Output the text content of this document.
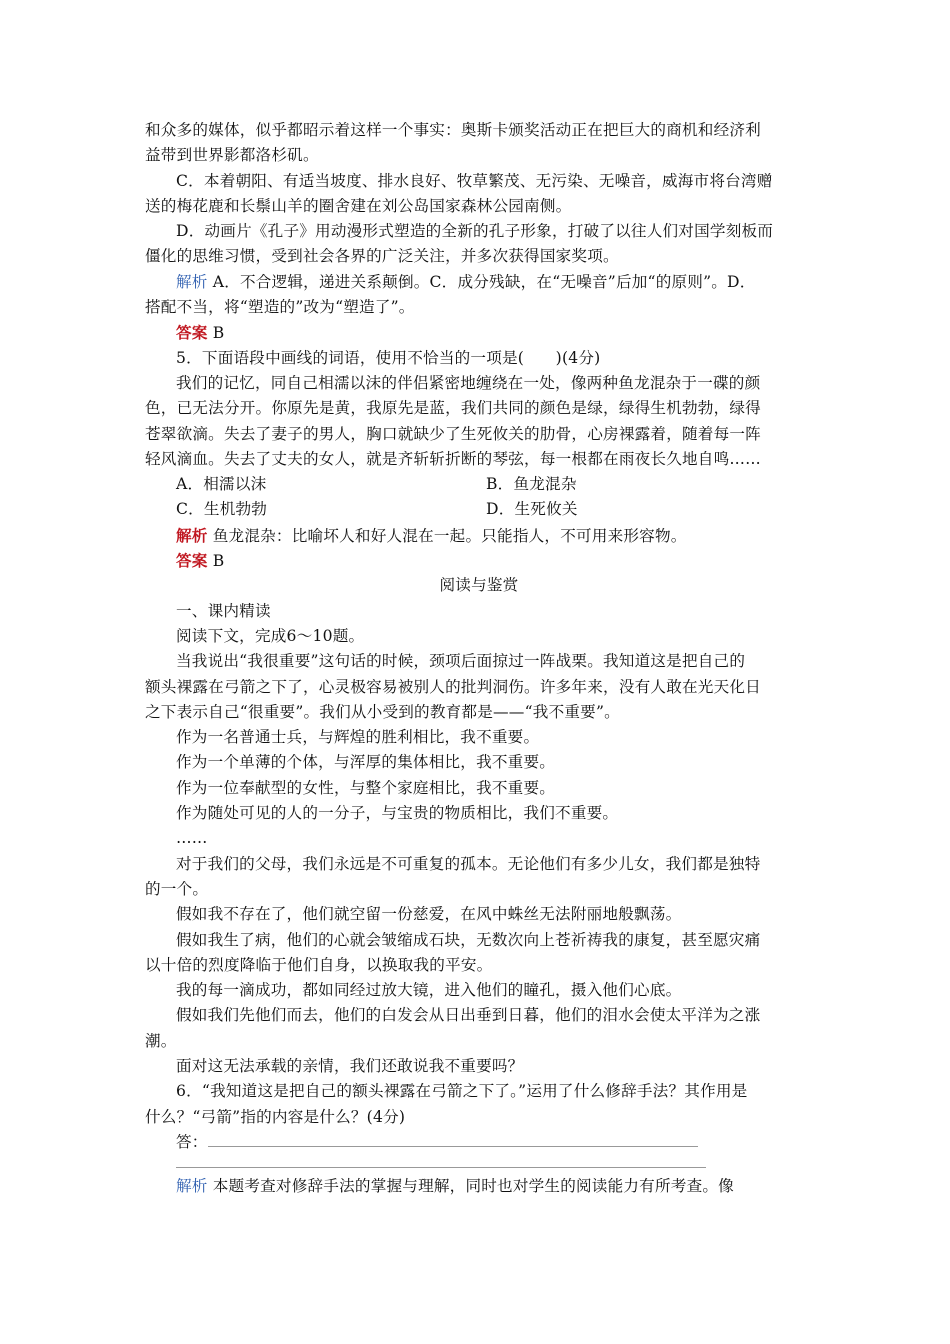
和众多的媒体，似乎都昭示着这样一个事实：奥斯卡颁奖活动正在把巨大的商机和经济利
益带到世界影都洛杉矶。
C．本着朝阳、有适当坡度、排水良好、牧草繁茂、无污染、无噪音，威海市将台湾赠
送的梅花鹿和长鬃山羊的圈舍建在刘公岛国家森林公园南侧。
D．动画片《孔子》用动漫形式塑造的全新的孔子形象，打破了以往人们对国学刻板而
僵化的思维习惯，受到社会各界的广泛关注，并多次获得国家奖项。
解析 A．不合逻辑，递进关系颠倒。C．成分残缺，在“无噪音”后加“的原则”。D．
搭配不当，将“塑造的”改为“塑造了”。
答案 B
5．下面语段中画线的词语，使用不恰当的一项是(　　)(4分)
我们的记忆，同自己相濡以沫的伴侣紧密地缠绕在一处，像两种鱼龙混杂于一碟的颜
色，已无法分开。你原先是黄，我原先是蓝，我们共同的颜色是绿，绿得生机勃勃，绿得
苍翠欲滴。失去了妻子的男人，胸口就缺少了生死攸关的肋骨，心房裸露着，随着每一阵
轻风滴血。失去了丈夫的女人，就是齐斩斩折断的琴弦，每一根都在雨夜长久地自鸣……
A．相濡以沫	B．鱼龙混杂
C．生机勃勃	D．生死攸关
解析 鱼龙混杂：比喻坏人和好人混在一起。只能指人，不可用来形容物。
答案 B
阅读与鉴赏
一、课内精读
阅读下文，完成6～10题。
当我说出“我很重要”这句话的时候，颈项后面掠过一阵战栗。我知道这是把自己的
额头裸露在弓箭之下了，心灵极容易被别人的批判洞伤。许多年来，没有人敢在光天化日
之下表示自己“很重要”。我们从小受到的教育都是——“我不重要”。
作为一名普通士兵，与辉煌的胜利相比，我不重要。
作为一个单薄的个体，与浑厚的集体相比，我不重要。
作为一位奉献型的女性，与整个家庭相比，我不重要。
作为随处可见的人的一分子，与宝贵的物质相比，我们不重要。
……
对于我们的父母，我们永远是不可重复的孤本。无论他们有多少儿女，我们都是独特
的一个。
假如我不存在了，他们就空留一份慈爱，在风中蛛丝无法附丽地般飘荡。
假如我生了病，他们的心就会皱缩成石块，无数次向上苍祈祷我的康复，甚至愿灾痛
以十倍的烈度降临于他们自身，以换取我的平安。
我的每一滴成功，都如同经过放大镜，进入他们的瞳孔，摄入他们心底。
假如我们先他们而去，他们的白发会从日出垂到日暮，他们的泪水会使太平洋为之涨
潮。
面对这无法承载的亲情，我们还敢说我不重要吗？
6．“我知道这是把自己的额头裸露在弓箭之下了。”运用了什么修辞手法？其作用是
什么？“弓箭”指的内容是什么？(4分)
答：
解析 本题考查对修辞手法的掌握与理解，同时也对学生的阅读能力有所考查。像
